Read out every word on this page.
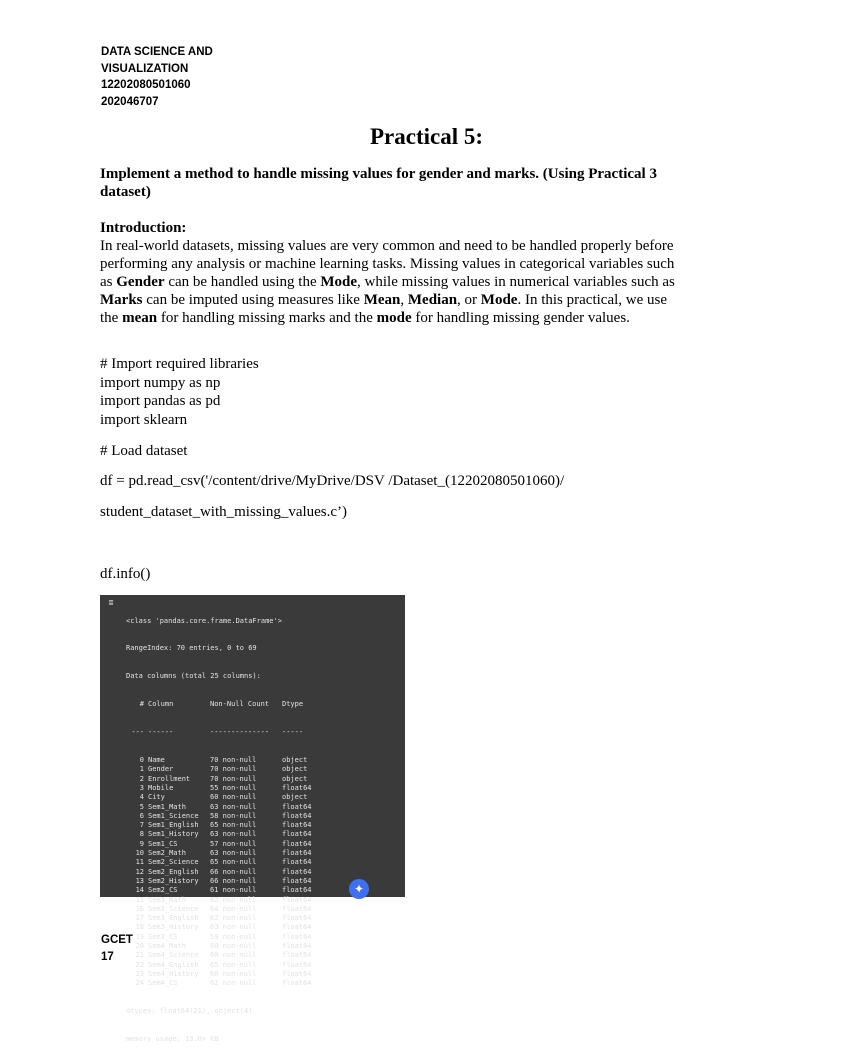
DATA SCIENCE AND
VISUALIZATION
12202080501060
202046707
Practical 5:
Implement a method to handle missing values for gender and marks. (Using Practical 3 dataset)
Introduction:
In real-world datasets, missing values are very common and need to be handled properly before performing any analysis or machine learning tasks. Missing values in categorical variables such as Gender can be handled using the Mode, while missing values in numerical variables such as Marks can be imputed using measures like Mean, Median, or Mode. In this practical, we use the mean for handling missing marks and the mode for handling missing gender values.
# Import required libraries
import numpy as np
import pandas as pd
import sklearn
# Load dataset
df = pd.read_csv('/content/drive/MyDrive/DSV /Dataset_(12202080501060)/
student_dataset_with_missing_values.c’)
df.info()
≣

<class 'pandas.core.frame.DataFrame'>

RangeIndex: 70 entries, 0 to 69

Data columns (total 25 columns):

# Column	Non-Null Count Dtype

--- ------	-------------- -----

0 Name	70 non-null	object
1 Gender	70 non-null	object
2 Enrollment	70 non-null	object
3 Mobile	55 non-null	float64
4 City	60 non-null	object
5 Sem1_Math	63 non-null	float64
6 Sem1_Science 58 non-null	float64
7 Sem1_English 65 non-null	float64
8 Sem1_History 63 non-null	float64
9 Sem1_CS	57 non-null	float64
10 Sem2_Math	63 non-null	float64
11 Sem2_Science 65 non-null	float64
12 Sem2_English 66 non-null	float64
13 Sem2_History 66 non-null	float64
14 Sem2_CS	61 non-null	float64
15 Sem3_Math	62 non-null	float64
16 Sem3_Science 64 non-null	float64
17 Sem3_English 62 non-null	float64
18 Sem3_History 63 non-null	float64
19 Sem3_CS	59 non-null	float64
20 Sem4_Math	68 non-null	float64
21 Sem4_Science 60 non-null	float64
22 Sem4_English 65 non-null	float64
23 Sem4_History 68 non-null	float64
24 Sem4_CS	62 non-null	float64

dtypes: float64(21), object(4)

memory usage: 13.8+ KB

✦
GCET
17
